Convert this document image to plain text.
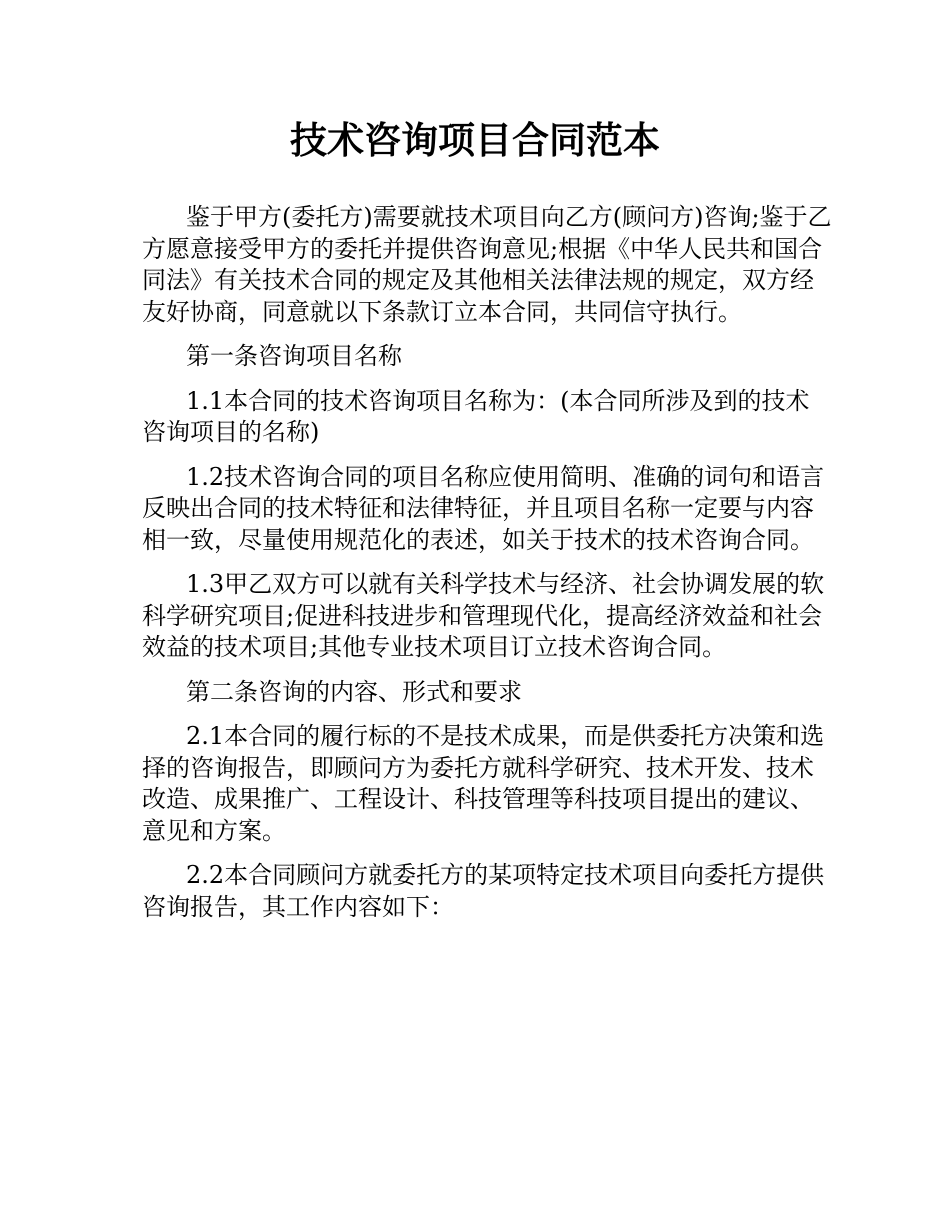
技术咨询项目合同范本

鉴于甲方(委托方)需要就技术项目向乙方(顾问方)咨询;鉴于乙方愿意接受甲方的委托并提供咨询意见;根据《中华人民共和国合同法》有关技术合同的规定及其他相关法律法规的规定，双方经友好协商，同意就以下条款订立本合同，共同信守执行。

第一条咨询项目名称

1.1本合同的技术咨询项目名称为：(本合同所涉及到的技术咨询项目的名称)

1.2技术咨询合同的项目名称应使用简明、准确的词句和语言反映出合同的技术特征和法律特征，并且项目名称一定要与内容相一致，尽量使用规范化的表述，如关于技术的技术咨询合同。

1.3甲乙双方可以就有关科学技术与经济、社会协调发展的软科学研究项目;促进科技进步和管理现代化，提高经济效益和社会效益的技术项目;其他专业技术项目订立技术咨询合同。

第二条咨询的内容、形式和要求

2.1本合同的履行标的不是技术成果，而是供委托方决策和选择的咨询报告，即顾问方为委托方就科学研究、技术开发、技术改造、成果推广、工程设计、科技管理等科技项目提出的建议、意见和方案。

2.2本合同顾问方就委托方的某项特定技术项目向委托方提供咨询报告，其工作内容如下：
